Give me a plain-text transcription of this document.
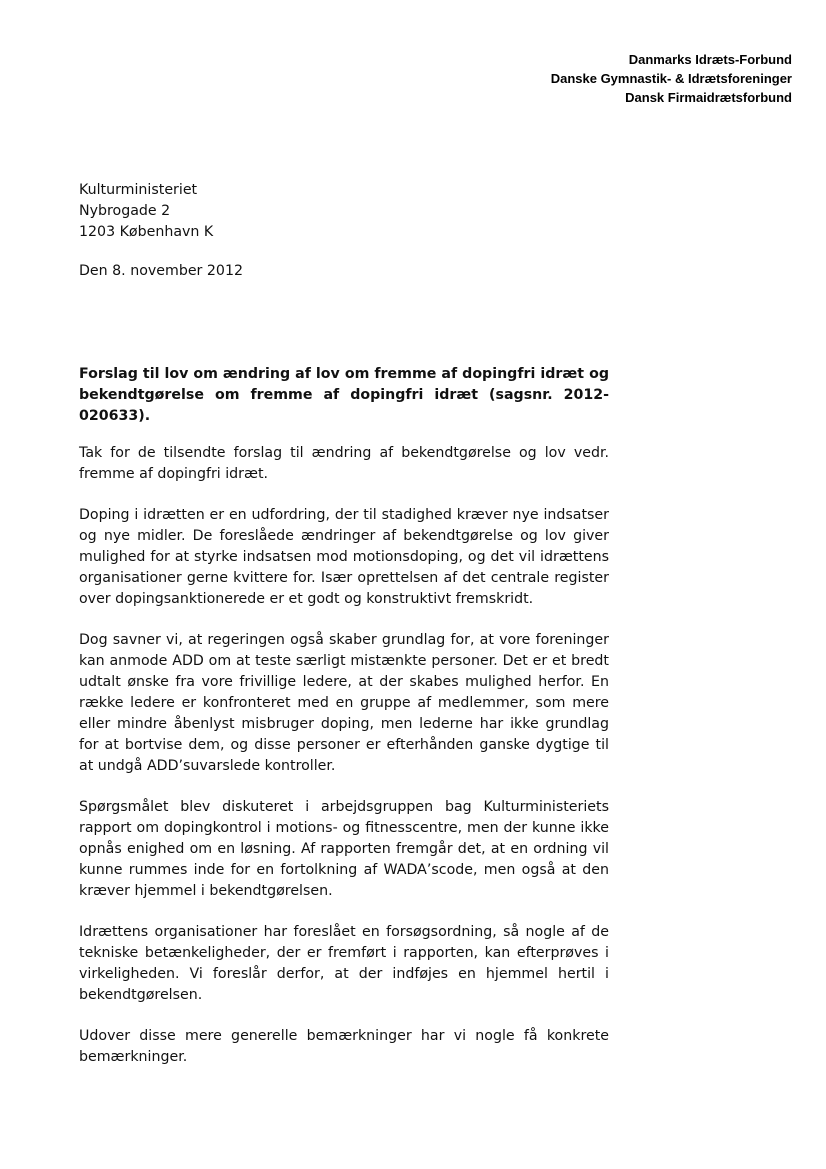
Danmarks Idræts-Forbund
Danske Gymnastik- & Idrætsforeninger
Dansk Firmaidrætsforbund
Kulturministeriet
Nybrogade 2
1203 København K
Den 8. november 2012
Forslag til lov om ændring af lov om fremme af dopingfri idræt og bekendtgørelse om fremme af dopingfri idræt (sagsnr. 2012-020633).

Tak for de tilsendte forslag til ændring af bekendtgørelse og lov vedr. fremme af dopingfri idræt.

Doping i idrætten er en udfordring, der til stadighed kræver nye indsatser og nye midler. De foreslåede ændringer af bekendtgørelse og lov giver mulighed for at styrke indsatsen mod motionsdoping, og det vil idrættens organisationer gerne kvittere for. Især oprettelsen af det centrale register over dopingsanktionerede er et godt og konstruktivt fremskridt.

Dog savner vi, at regeringen også skaber grundlag for, at vore foreninger kan anmode ADD om at teste særligt mistænkte personer. Det er et bredt udtalt ønske fra vore frivillige ledere, at der skabes mulighed herfor. En række ledere er konfronteret med en gruppe af medlemmer, som mere eller mindre åbenlyst misbruger doping, men lederne har ikke grundlag for at bortvise dem, og disse personer er efterhånden ganske dygtige til at undgå ADD’suvarslede kontroller.

Spørgsmålet blev diskuteret i arbejdsgruppen bag Kulturministeriets rapport om dopingkontrol i motions- og fitnesscentre, men der kunne ikke opnås enighed om en løsning. Af rapporten fremgår det, at en ordning vil kunne rummes inde for en fortolkning af WADA’scode, men også at den kræver hjemmel i bekendtgørelsen.

Idrættens organisationer har foreslået en forsøgsordning, så nogle af de tekniske betænkeligheder, der er fremført i rapporten, kan efterprøves i virkeligheden. Vi foreslår derfor, at der indføjes en hjemmel hertil i bekendtgørelsen.

Udover disse mere generelle bemærkninger har vi nogle få konkrete bemærkninger.
